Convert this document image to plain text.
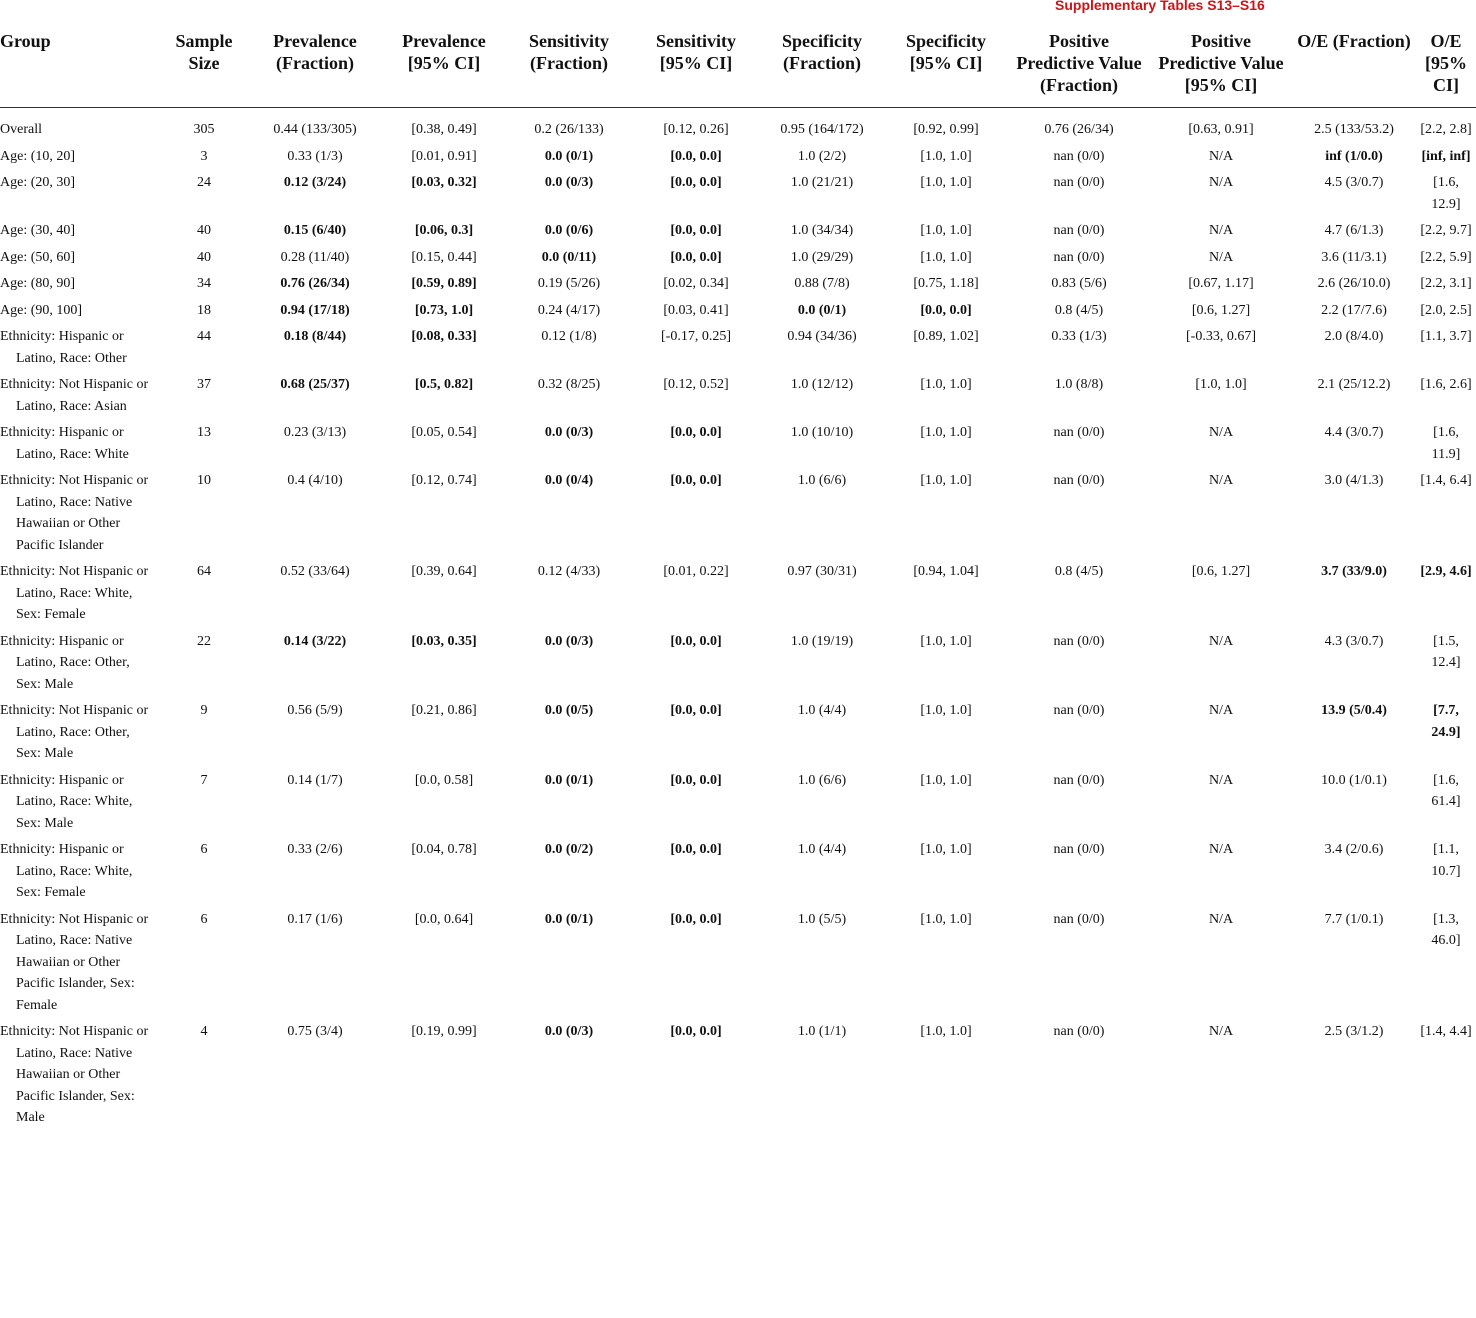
Supplementary Tables S13–S16
Group	Sample Size	Prevalence (Fraction)	Prevalence [95% CI]	Sensitivity (Fraction)	Sensitivity [95% CI]	Specificity (Fraction)	Specificity [95% CI]	Positive Predictive Value (Fraction)	Positive Predictive Value [95% CI]	O/E (Fraction)	O/E [95% CI]

Overall	305	0.44 (133/305)	[0.38, 0.49]	0.2 (26/133)	[0.12, 0.26]	0.95 (164/172)	[0.92, 0.99]	0.76 (26/34)	[0.63, 0.91]	2.5 (133/53.2)	[2.2, 2.8]

Age: (10, 20]	3	0.33 (1/3)	[0.01, 0.91]	0.0 (0/1)	[0.0, 0.0]	1.0 (2/2)	[1.0, 1.0]	nan (0/0)	N/A	inf (1/0.0)	[inf, inf]

Age: (20, 30]	24	0.12 (3/24)	[0.03, 0.32]	0.0 (0/3)	[0.0, 0.0]	1.0 (21/21)	[1.0, 1.0]	nan (0/0)	N/A	4.5 (3/0.7)	[1.6, 12.9]

Age: (30, 40]	40	0.15 (6/40)	[0.06, 0.3]	0.0 (0/6)	[0.0, 0.0]	1.0 (34/34)	[1.0, 1.0]	nan (0/0)	N/A	4.7 (6/1.3)	[2.2, 9.7]

Age: (50, 60]	40	0.28 (11/40)	[0.15, 0.44]	0.0 (0/11)	[0.0, 0.0]	1.0 (29/29)	[1.0, 1.0]	nan (0/0)	N/A	3.6 (11/3.1)	[2.2, 5.9]

Age: (80, 90]	34	0.76 (26/34)	[0.59, 0.89]	0.19 (5/26)	[0.02, 0.34]	0.88 (7/8)	[0.75, 1.18]	0.83 (5/6)	[0.67, 1.17]	2.6 (26/10.0)	[2.2, 3.1]

Age: (90, 100]	18	0.94 (17/18)	[0.73, 1.0]	0.24 (4/17)	[0.03, 0.41]	0.0 (0/1)	[0.0, 0.0]	0.8 (4/5)	[0.6, 1.27]	2.2 (17/7.6)	[2.0, 2.5]

Ethnicity: Hispanic or Latino, Race: Other	44	0.18 (8/44)	[0.08, 0.33]	0.12 (1/8)	[-0.17, 0.25]	0.94 (34/36)	[0.89, 1.02]	0.33 (1/3)	[-0.33, 0.67]	2.0 (8/4.0)	[1.1, 3.7]

Ethnicity: Not Hispanic or Latino, Race: Asian	37	0.68 (25/37)	[0.5, 0.82]	0.32 (8/25)	[0.12, 0.52]	1.0 (12/12)	[1.0, 1.0]	1.0 (8/8)	[1.0, 1.0]	2.1 (25/12.2)	[1.6, 2.6]

Ethnicity: Hispanic or Latino, Race: White	13	0.23 (3/13)	[0.05, 0.54]	0.0 (0/3)	[0.0, 0.0]	1.0 (10/10)	[1.0, 1.0]	nan (0/0)	N/A	4.4 (3/0.7)	[1.6, 11.9]

Ethnicity: Not Hispanic or Latino, Race: Native Hawaiian or Other Pacific Islander	10	0.4 (4/10)	[0.12, 0.74]	0.0 (0/4)	[0.0, 0.0]	1.0 (6/6)	[1.0, 1.0]	nan (0/0)	N/A	3.0 (4/1.3)	[1.4, 6.4]

Ethnicity: Not Hispanic or Latino, Race: White, Sex: Female	64	0.52 (33/64)	[0.39, 0.64]	0.12 (4/33)	[0.01, 0.22]	0.97 (30/31)	[0.94, 1.04]	0.8 (4/5)	[0.6, 1.27]	3.7 (33/9.0)	[2.9, 4.6]

Ethnicity: Hispanic or Latino, Race: Other, Sex: Male	22	0.14 (3/22)	[0.03, 0.35]	0.0 (0/3)	[0.0, 0.0]	1.0 (19/19)	[1.0, 1.0]	nan (0/0)	N/A	4.3 (3/0.7)	[1.5, 12.4]

Ethnicity: Not Hispanic or Latino, Race: Other, Sex: Male	9	0.56 (5/9)	[0.21, 0.86]	0.0 (0/5)	[0.0, 0.0]	1.0 (4/4)	[1.0, 1.0]	nan (0/0)	N/A	13.9 (5/0.4)	[7.7, 24.9]

Ethnicity: Hispanic or Latino, Race: White, Sex: Male	7	0.14 (1/7)	[0.0, 0.58]	0.0 (0/1)	[0.0, 0.0]	1.0 (6/6)	[1.0, 1.0]	nan (0/0)	N/A	10.0 (1/0.1)	[1.6, 61.4]

Ethnicity: Hispanic or Latino, Race: White, Sex: Female	6	0.33 (2/6)	[0.04, 0.78]	0.0 (0/2)	[0.0, 0.0]	1.0 (4/4)	[1.0, 1.0]	nan (0/0)	N/A	3.4 (2/0.6)	[1.1, 10.7]

Ethnicity: Not Hispanic or Latino, Race: Native Hawaiian or Other Pacific Islander, Sex: Female	6	0.17 (1/6)	[0.0, 0.64]	0.0 (0/1)	[0.0, 0.0]	1.0 (5/5)	[1.0, 1.0]	nan (0/0)	N/A	7.7 (1/0.1)	[1.3, 46.0]

Ethnicity: Not Hispanic or Latino, Race: Native Hawaiian or Other Pacific Islander, Sex: Male	4	0.75 (3/4)	[0.19, 0.99]	0.0 (0/3)	[0.0, 0.0]	1.0 (1/1)	[1.0, 1.0]	nan (0/0)	N/A	2.5 (3/1.2)	[1.4, 4.4]
